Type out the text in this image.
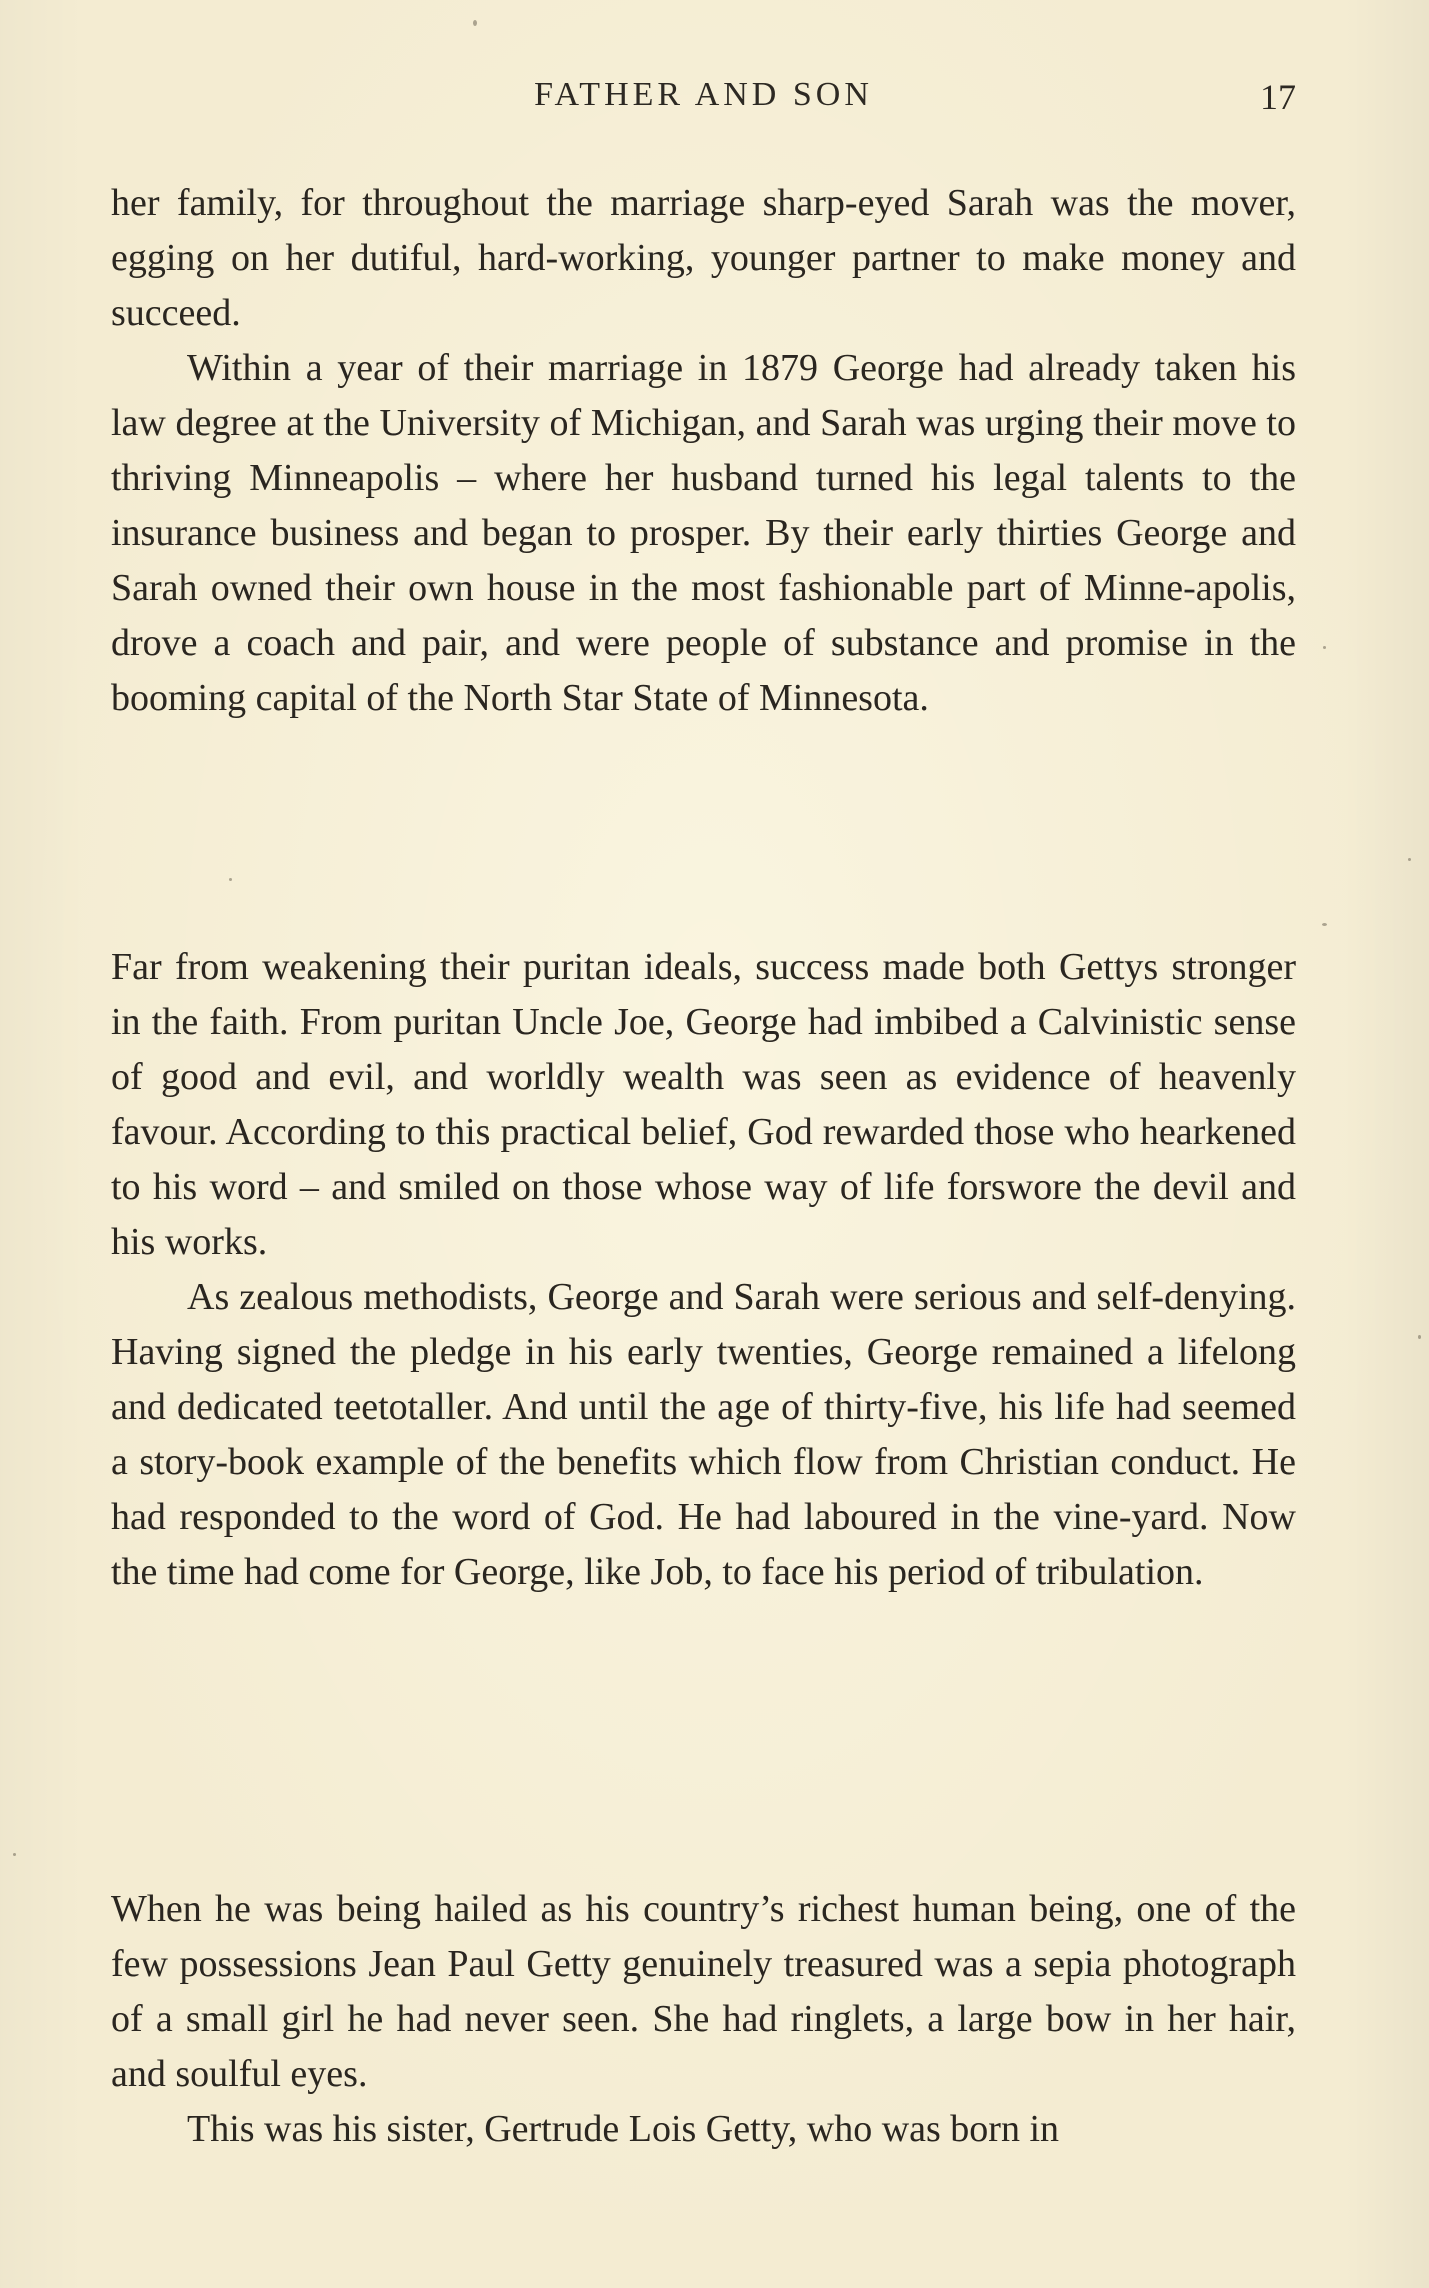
FATHER AND SON	17

her family, for throughout the marriage sharp-eyed Sarah was the mover, egging on her dutiful, hard-working, younger partner to make money and succeed.

Within a year of their marriage in 1879 George had already taken his law degree at the University of Michigan, and Sarah was urging their move to thriving Minneapolis – where her husband turned his legal talents to the insurance business and began to prosper. By their early thirties George and Sarah owned their own house in the most fashionable part of Minne-apolis, drove a coach and pair, and were people of substance and promise in the booming capital of the North Star State of Minnesota.

Far from weakening their puritan ideals, success made both Gettys stronger in the faith. From puritan Uncle Joe, George had imbibed a Calvinistic sense of good and evil, and worldly wealth was seen as evidence of heavenly favour. According to this practical belief, God rewarded those who hearkened to his word – and smiled on those whose way of life forswore the devil and his works.

As zealous methodists, George and Sarah were serious and self-denying. Having signed the pledge in his early twenties, George remained a lifelong and dedicated teetotaller. And until the age of thirty-five, his life had seemed a story-book example of the benefits which flow from Christian conduct. He had responded to the word of God. He had laboured in the vine-yard. Now the time had come for George, like Job, to face his period of tribulation.

When he was being hailed as his country’s richest human being, one of the few possessions Jean Paul Getty genuinely treasured was a sepia photograph of a small girl he had never seen. She had ringlets, a large bow in her hair, and soulful eyes.

This was his sister, Gertrude Lois Getty, who was born in
